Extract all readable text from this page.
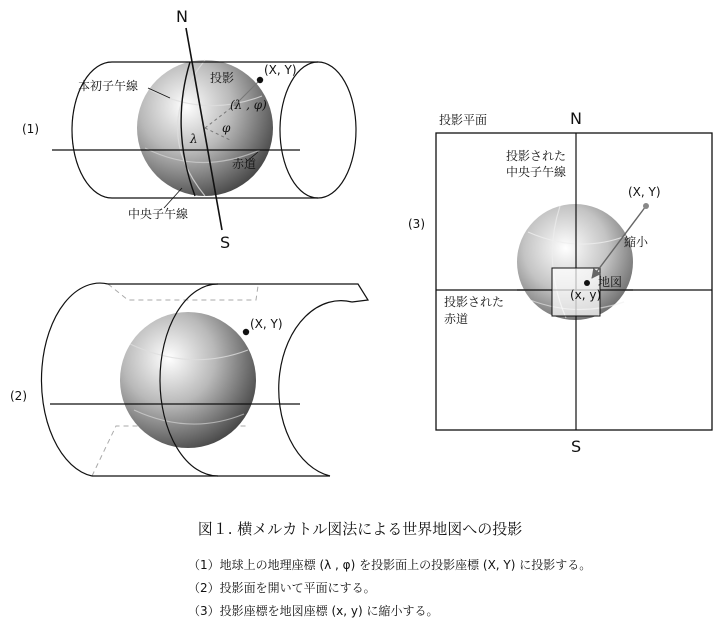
(1)
N
S
本初子午線
投影
(X, Y)
(λ , φ)
φ
λ
赤道
中央子午線
(2)
(X, Y)
(3)
投影平面	N
S
投影された
中央子午線
(X, Y)
縮小
地図
(x, y)
投影された
赤道
図１. 横メルカトル図法による世界地図への投影
（1）地球上の地理座標 (λ , φ) を投影面上の投影座標 (X, Y) に投影する。
（2）投影面を開いて平面にする。
（3）投影座標を地図座標 (x, y) に縮小する。
